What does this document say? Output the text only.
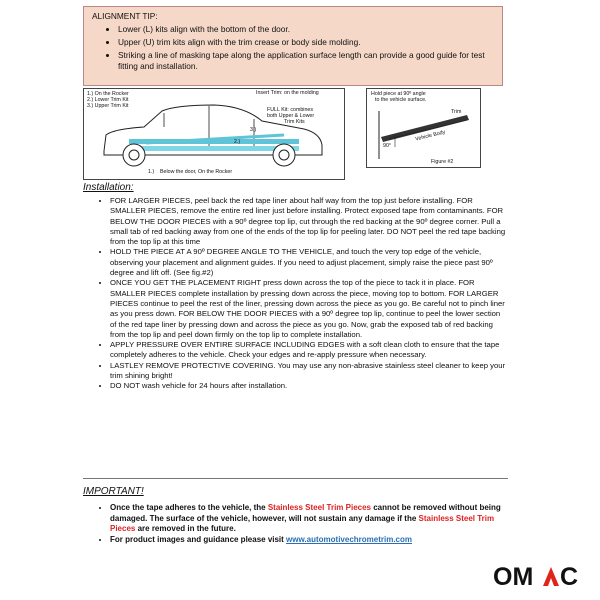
ALIGNMENT TIP:
• Lower (L) kits align with the bottom of the door.
• Upper (U) trim kits align with the trim crease or body side molding.
• Striking a line of masking tape along the application surface length can provide a good guide for test fitting and installation.
1.) On the Rocker
2.) Lower Trim Kit
3.) Upper Trim Kit
Insert Trim: on the molding
FULL Kit: combines
both Upper & Lower
Trim Kits
3.)
2.)
1.) Below the door, On the Rocker
Hold piece at 90º angle
to the vehicle surface.
Trim
Vehicle Body
90°
Figure #2
Installation:
• FOR LARGER PIECES, peel back the red tape liner about half way from the top just before installing. FOR SMALLER PIECES, remove the entire red liner just before installing. Protect exposed tape from contaminants. FOR BELOW THE DOOR PIECES with a 90º degree top lip, cut through the red backing at the 90º degree corner. Pull a small tab of red backing away from one of the ends of the top lip for peeling later. DO NOT peel the red tape backing from the top lip at this time
• HOLD THE PIECE AT A 90º DEGREE ANGLE TO THE VEHICLE, and touch the very top edge of the vehicle, observing your placement and alignment guides. If you need to adjust placement, simply raise the piece past 90º degree and lift off. (See fig.#2)
• ONCE YOU GET THE PLACEMENT RIGHT press down across the top of the piece to tack it in place. FOR SMALLER PIECES complete installation by pressing down across the piece, moving top to bottom. FOR LARGER PIECES continue to peel the rest of the liner, pressing down across the piece as you go. Be careful not to pinch liner as you press down. FOR BELOW THE DOOR PIECES with a 90º degree top lip, continue to peel the lower section of the red tape liner by pressing down and across the piece as you go. Now, grab the exposed tab of red backing from the top lip and peel down firmly on the top lip to complete installation.
• APPLY PRESSURE OVER ENTIRE SURFACE INCLUDING EDGES with a soft clean cloth to ensure that the tape completely adheres to the vehicle. Check your edges and re-apply pressure when necessary.
• LASTLEY REMOVE PROTECTIVE COVERING. You may use any non-abrasive stainless steel cleaner to keep your trim shining bright!
• DO NOT wash vehicle for 24 hours after installation.
IMPORTANT!
• Once the tape adheres to the vehicle, the Stainless Steel Trim Pieces cannot be removed without being damaged. The surface of the vehicle, however, will not sustain any damage if the Stainless Steel Trim Pieces are removed in the future.
• For product images and guidance please visit www.automotivechrometrim.com
OM C
